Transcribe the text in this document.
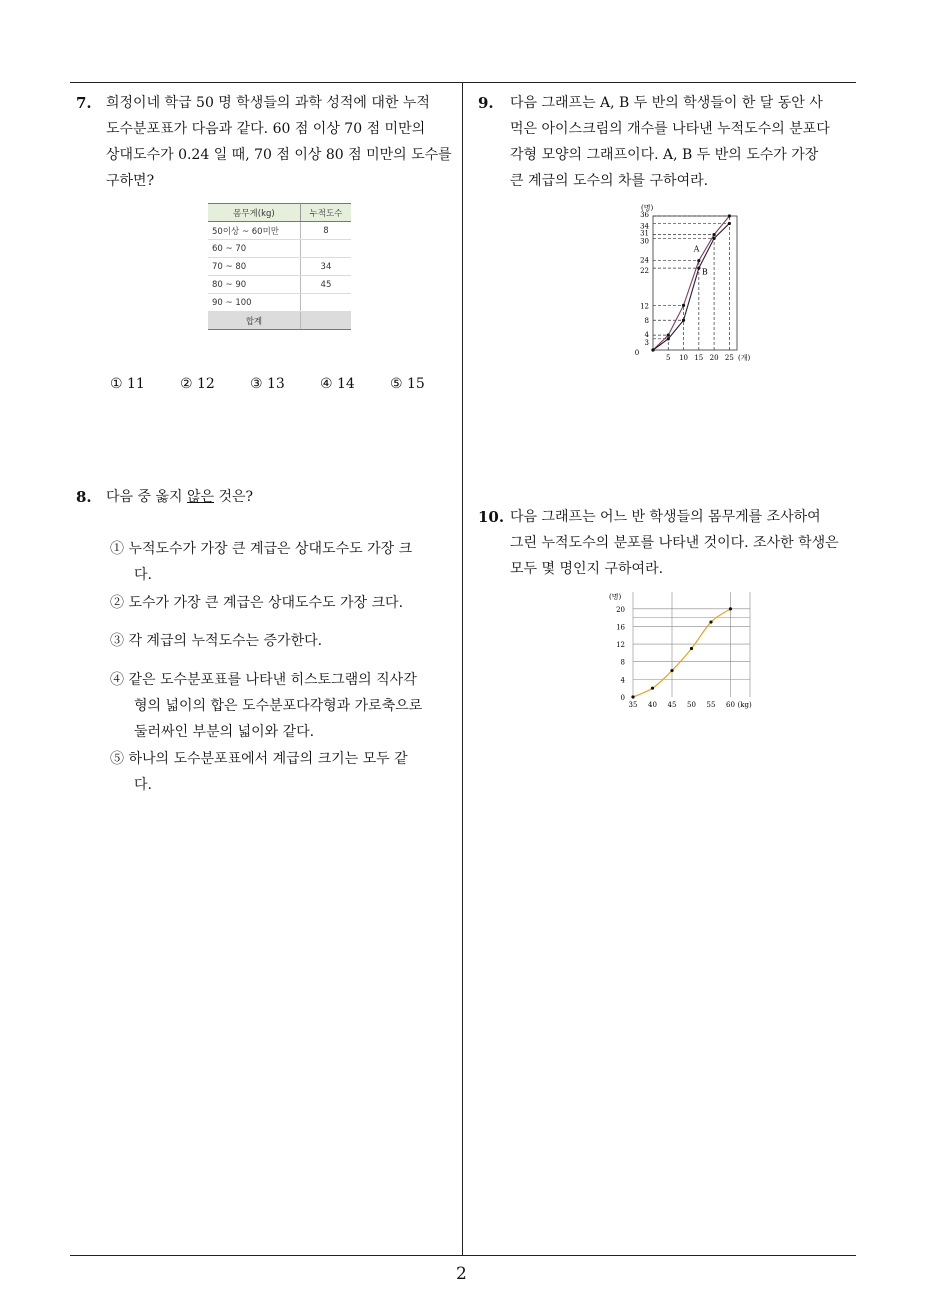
7. 희정이네 학급 50 명 학생들의 과학 성적에 대한 누적
도수분포표가 다음과 같다. 60 점 이상 70 점 미만의
상대도수가 0.24 일 때, 70 점 이상 80 점 미만의 도수를
구하면?
몸무게(kg)	누적도수
50이상 ~ 60미만	8
60 ~ 70	
70 ~ 80	34
80 ~ 90	45
90 ~ 100	
합계	
① 11	② 12	③ 13	④ 14	⑤ 15
8. 다음 중 옳지 않은 것은?
① 누적도수가 가장 큰 계급은 상대도수도 가장 크
다.
② 도수가 가장 큰 계급은 상대도수도 가장 크다.
③ 각 계급의 누적도수는 증가한다.
④ 같은 도수분포표를 나타낸 히스토그램의 직사각
형의 넓이의 합은 도수분포다각형과 가로축으로
둘러싸인 부분의 넓이와 같다.
⑤ 하나의 도수분포표에서 계급의 크기는 모두 같
다.
9. 다음 그래프는 A, B 두 반의 학생들이 한 달 동안 사
먹은 아이스크림의 개수를 나타낸 누적도수의 분포다
각형 모양의 그래프이다. A, B 두 반의 도수가 가장
큰 계급의 도수의 차를 구하여라.
A
B
3
4
8
12
22
24
30
31
34
36
0
5 10 15 20 25 (개)
(명)
10. 다음 그래프는 어느 반 학생들의 몸무게를 조사하여
그린 누적도수의 분포를 나타낸 것이다. 조사한 학생은
모두 몇 명인지 구하여라.
0
4
8
12
16
20
35 40 45 50 55 60 (kg)
(명)
2
